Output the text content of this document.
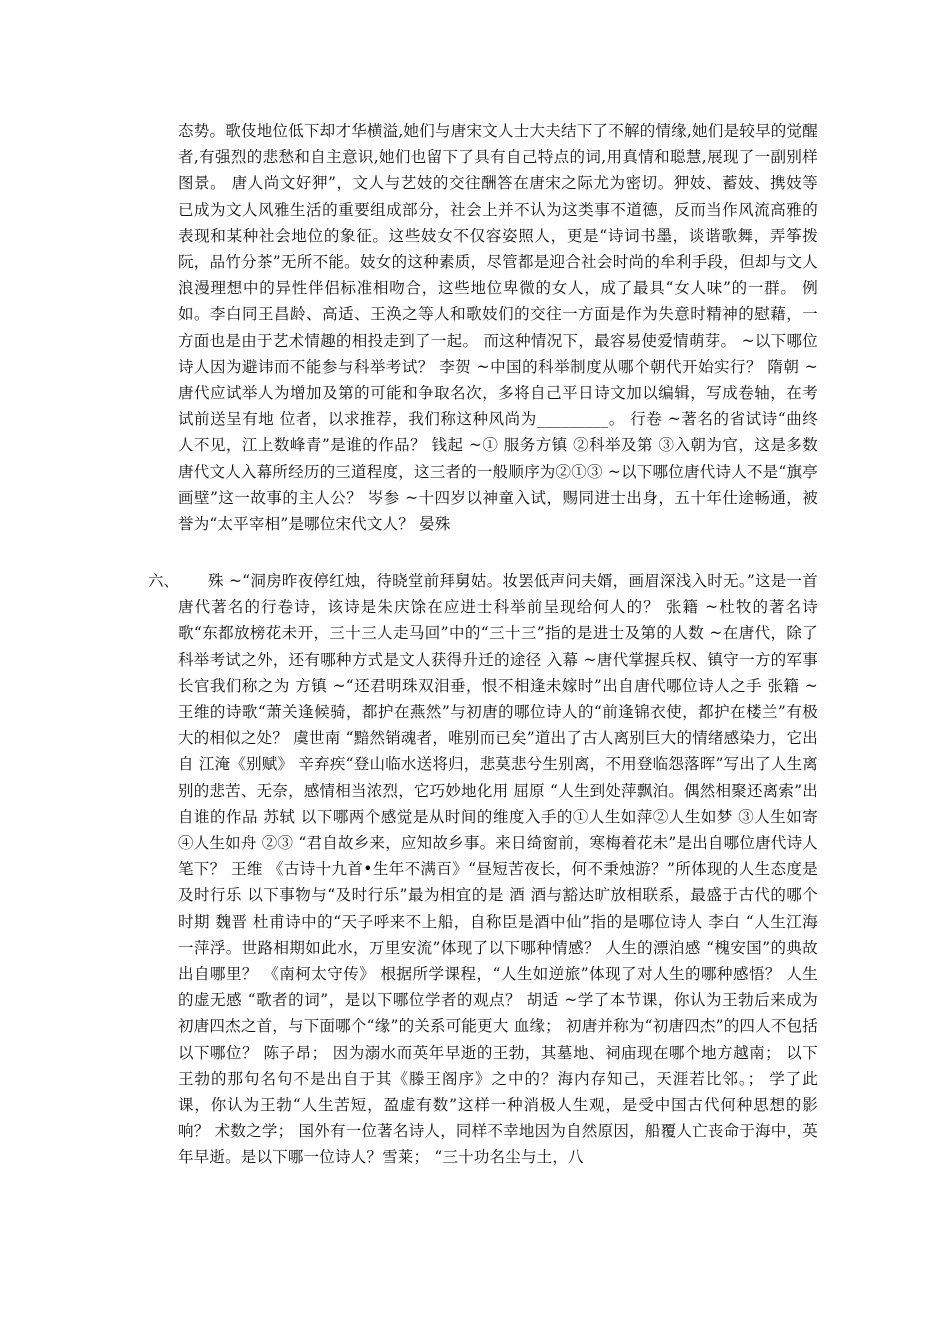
态势。歌伎地位低下却才华横溢,她们与唐宋文人士大夫结下了不解的情缘,她们是较早的觉醒者,有强烈的悲愁和自主意识,她们也留下了具有自己特点的词,用真情和聪慧,展现了一副别样图景。 唐人尚文好狎”，文人与艺妓的交往酬答在唐宋之际尤为密切。狎妓、蓄妓、携妓等已成为文人风雅生活的重要组成部分，社会上并不认为这类事不道德，反而当作风流高雅的表现和某种社会地位的象征。这些妓女不仅容姿照人，更是“诗词书墨，谈谐歌舞，弄筝拨阮，品竹分茶”无所不能。妓女的这种素质，尽管都是迎合社会时尚的牟利手段，但却与文人浪漫理想中的异性伴侣标准相吻合，这些地位卑微的女人，成了最具“女人味”的一群。 例如。李白同王昌龄、高适、王涣之等人和歌妓们的交往一方面是作为失意时精神的慰藉，一方面也是由于艺术情趣的相投走到了一起。 而这种情况下，最容易使爱情萌芽。 ~以下哪位诗人因为避讳而不能参与科举考试？ 李贺 ~中国的科举制度从哪个朝代开始实行？ 隋朝 ~唐代应试举人为增加及第的可能和争取名次，多将自己平日诗文加以编辑，写成卷轴，在考试前送呈有地 位者，以求推荐，我们称这种风尚为_________。 行卷 ~著名的省试诗“曲终人不见，江上数峰青”是谁的作品？ 钱起 ~① 服务方镇 ②科举及第 ③入朝为官，这是多数唐代文人入幕所经历的三道程度，这三者的一般顺序为②①③ ~以下哪位唐代诗人不是“旗亭画壁”这一故事的主人公？ 岑参 ~十四岁以神童入试，赐同进士出身，五十年仕途畅通，被誉为“太平宰相”是哪位宋代文人？ 晏殊
六、	殊 ~“洞房昨夜停红烛，待晓堂前拜舅姑。妆罢低声问夫婿，画眉深浅入时无。”这是一首唐代著名的行卷诗，该诗是朱庆馀在应进士科举前呈现给何人的？ 张籍 ~杜牧的著名诗歌“东都放榜花未开，三十三人走马回”中的“三十三”指的是进士及第的人数 ~在唐代，除了科举考试之外，还有哪种方式是文人获得升迁的途径 入幕 ~唐代掌握兵权、镇守一方的军事长官我们称之为 方镇 ~“还君明珠双泪垂，恨不相逢未嫁时”出自唐代哪位诗人之手 张籍 ~王维的诗歌“萧关逢候骑，都护在燕然”与初唐的哪位诗人的“前逢锦衣使，都护在楼兰”有极大的相似之处？ 虞世南 “黯然销魂者，唯别而已矣”道出了古人离别巨大的情绪感染力，它出自 江淹《别赋》 辛弃疾“登山临水送将归，悲莫悲兮生别离，不用登临怨落晖”写出了人生离别的悲苦、无奈，感情相当浓烈，它巧妙地化用 屈原 “人生到处萍飘泊。偶然相聚还离索”出自谁的作品 苏轼 以下哪两个感觉是从时间的维度入手的①人生如萍②人生如梦 ③人生如寄 ④人生如舟 ②③ “君自故乡来，应知故乡事。来日绮窗前，寒梅着花未”是出自哪位唐代诗人笔下？ 王维 《古诗十九首•生年不满百》“昼短苦夜长，何不秉烛游？”所体现的人生态度是 及时行乐 以下事物与“及时行乐”最为相宜的是 酒 酒与豁达旷放相联系，最盛于古代的哪个时期 魏晋 杜甫诗中的“天子呼来不上船，自称臣是酒中仙”指的是哪位诗人 李白 “人生江海一萍浮。世路相期如此水，万里安流”体现了以下哪种情感？ 人生的漂泊感 “槐安国”的典故出自哪里？ 《南柯太守传》 根据所学课程，“人生如逆旅”体现了对人生的哪种感悟？ 人生的虚无感 “歌者的词”，是以下哪位学者的观点？ 胡适 ~学了本节课，你认为王勃后来成为初唐四杰之首，与下面哪个“缘”的关系可能更大 血缘； 初唐并称为“初唐四杰”的四人不包括以下哪位？ 陈子昂； 因为溺水而英年早逝的王勃，其墓地、祠庙现在哪个地方越南； 以下王勃的那句名句不是出自于其《滕王阁序》之中的？海内存知己，天涯若比邻。； 学了此课，你认为王勃“人生苦短，盈虚有数”这样一种消极人生观，是受中国古代何种思想的影响？ 术数之学； 国外有一位著名诗人，同样不幸地因为自然原因，船覆人亡丧命于海中，英年早逝。是以下哪一位诗人？雪莱； “三十功名尘与土，八
